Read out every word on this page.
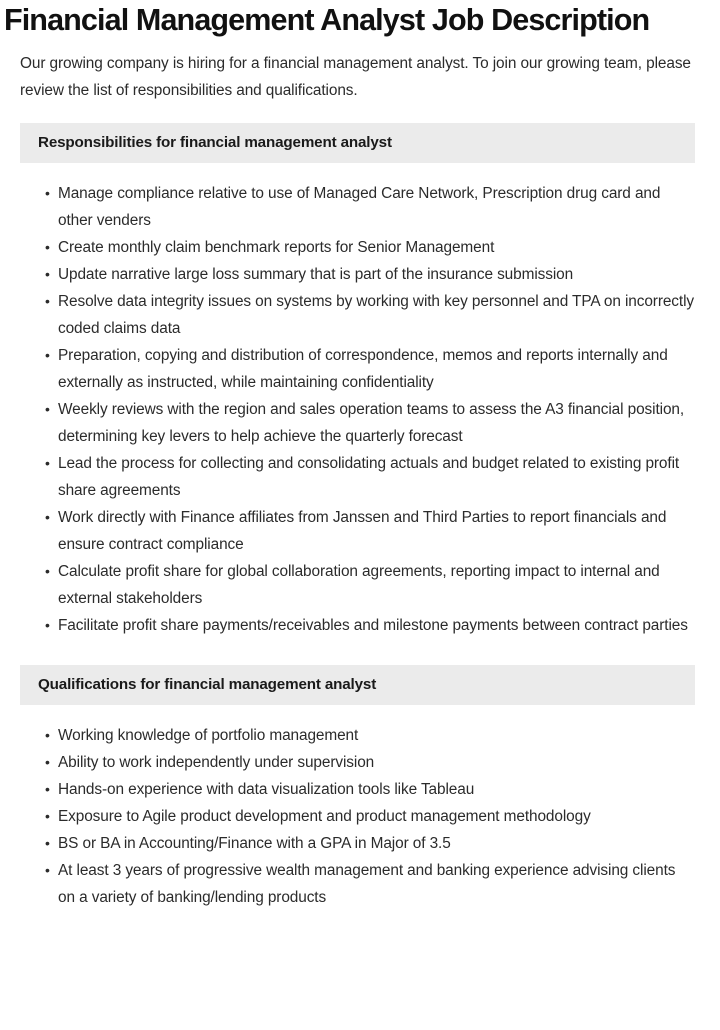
Financial Management Analyst Job Description

Our growing company is hiring for a financial management analyst. To join our growing team, please review the list of responsibilities and qualifications.

Responsibilities for financial management analyst
• Manage compliance relative to use of Managed Care Network, Prescription drug card and other venders
• Create monthly claim benchmark reports for Senior Management
• Update narrative large loss summary that is part of the insurance submission
• Resolve data integrity issues on systems by working with key personnel and TPA on incorrectly coded claims data
• Preparation, copying and distribution of correspondence, memos and reports internally and externally as instructed, while maintaining confidentiality
• Weekly reviews with the region and sales operation teams to assess the A3 financial position, determining key levers to help achieve the quarterly forecast
• Lead the process for collecting and consolidating actuals and budget related to existing profit share agreements
• Work directly with Finance affiliates from Janssen and Third Parties to report financials and ensure contract compliance
• Calculate profit share for global collaboration agreements, reporting impact to internal and external stakeholders
• Facilitate profit share payments/receivables and milestone payments between contract parties
Qualifications for financial management analyst
• Working knowledge of portfolio management
• Ability to work independently under supervision
• Hands-on experience with data visualization tools like Tableau
• Exposure to Agile product development and product management methodology
• BS or BA in Accounting/Finance with a GPA in Major of 3.5
• At least 3 years of progressive wealth management and banking experience advising clients on a variety of banking/lending products
